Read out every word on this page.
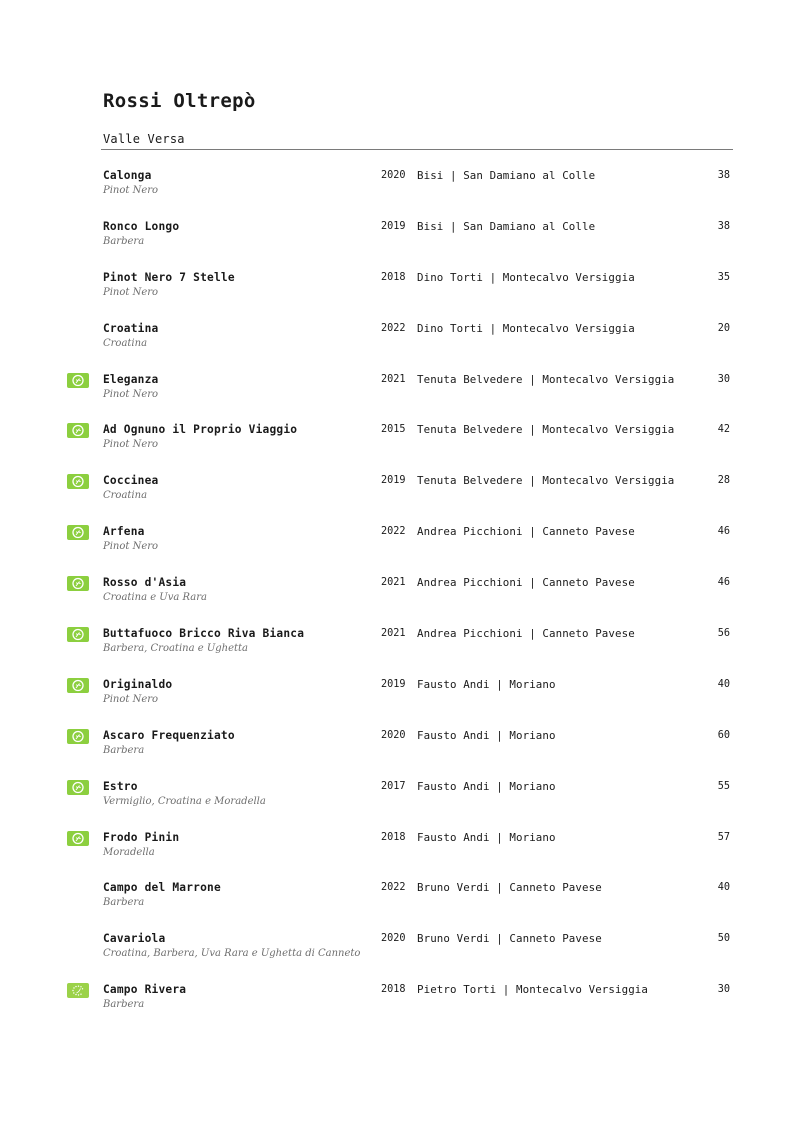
Rossi Oltrepò
Valle Versa
Calonga
Pinot Nero
2020 Bisi | San Damiano al Colle	38
Ronco Longo
Barbera
2019 Bisi | San Damiano al Colle	38
Pinot Nero 7 Stelle
Pinot Nero
2018 Dino Torti | Montecalvo Versiggia	35
Croatina
Croatina
2022 Dino Torti | Montecalvo Versiggia	20
Eleganza
Pinot Nero
2021 Tenuta Belvedere | Montecalvo Versiggia	30
Ad Ognuno il Proprio Viaggio
Pinot Nero
2015 Tenuta Belvedere | Montecalvo Versiggia	42
Coccinea
Croatina
2019 Tenuta Belvedere | Montecalvo Versiggia	28
Arfena
Pinot Nero
2022 Andrea Picchioni | Canneto Pavese	46
Rosso d'Asia
Croatina e Uva Rara
2021 Andrea Picchioni | Canneto Pavese	46
Buttafuoco Bricco Riva Bianca
Barbera, Croatina e Ughetta
2021 Andrea Picchioni | Canneto Pavese	56
Originaldo
Pinot Nero
2019 Fausto Andi | Moriano	40
Ascaro Frequenziato
Barbera
2020 Fausto Andi | Moriano	60
Estro
Vermiglio, Croatina e Moradella
2017 Fausto Andi | Moriano	55
Frodo Pinin
Moradella
2018 Fausto Andi | Moriano	57
Campo del Marrone
Barbera
2022 Bruno Verdi | Canneto Pavese	40
Cavariola
Croatina, Barbera, Uva Rara e Ughetta di Canneto
2020 Bruno Verdi | Canneto Pavese	50
Campo Rivera
Barbera
2018 Pietro Torti | Montecalvo Versiggia	30
